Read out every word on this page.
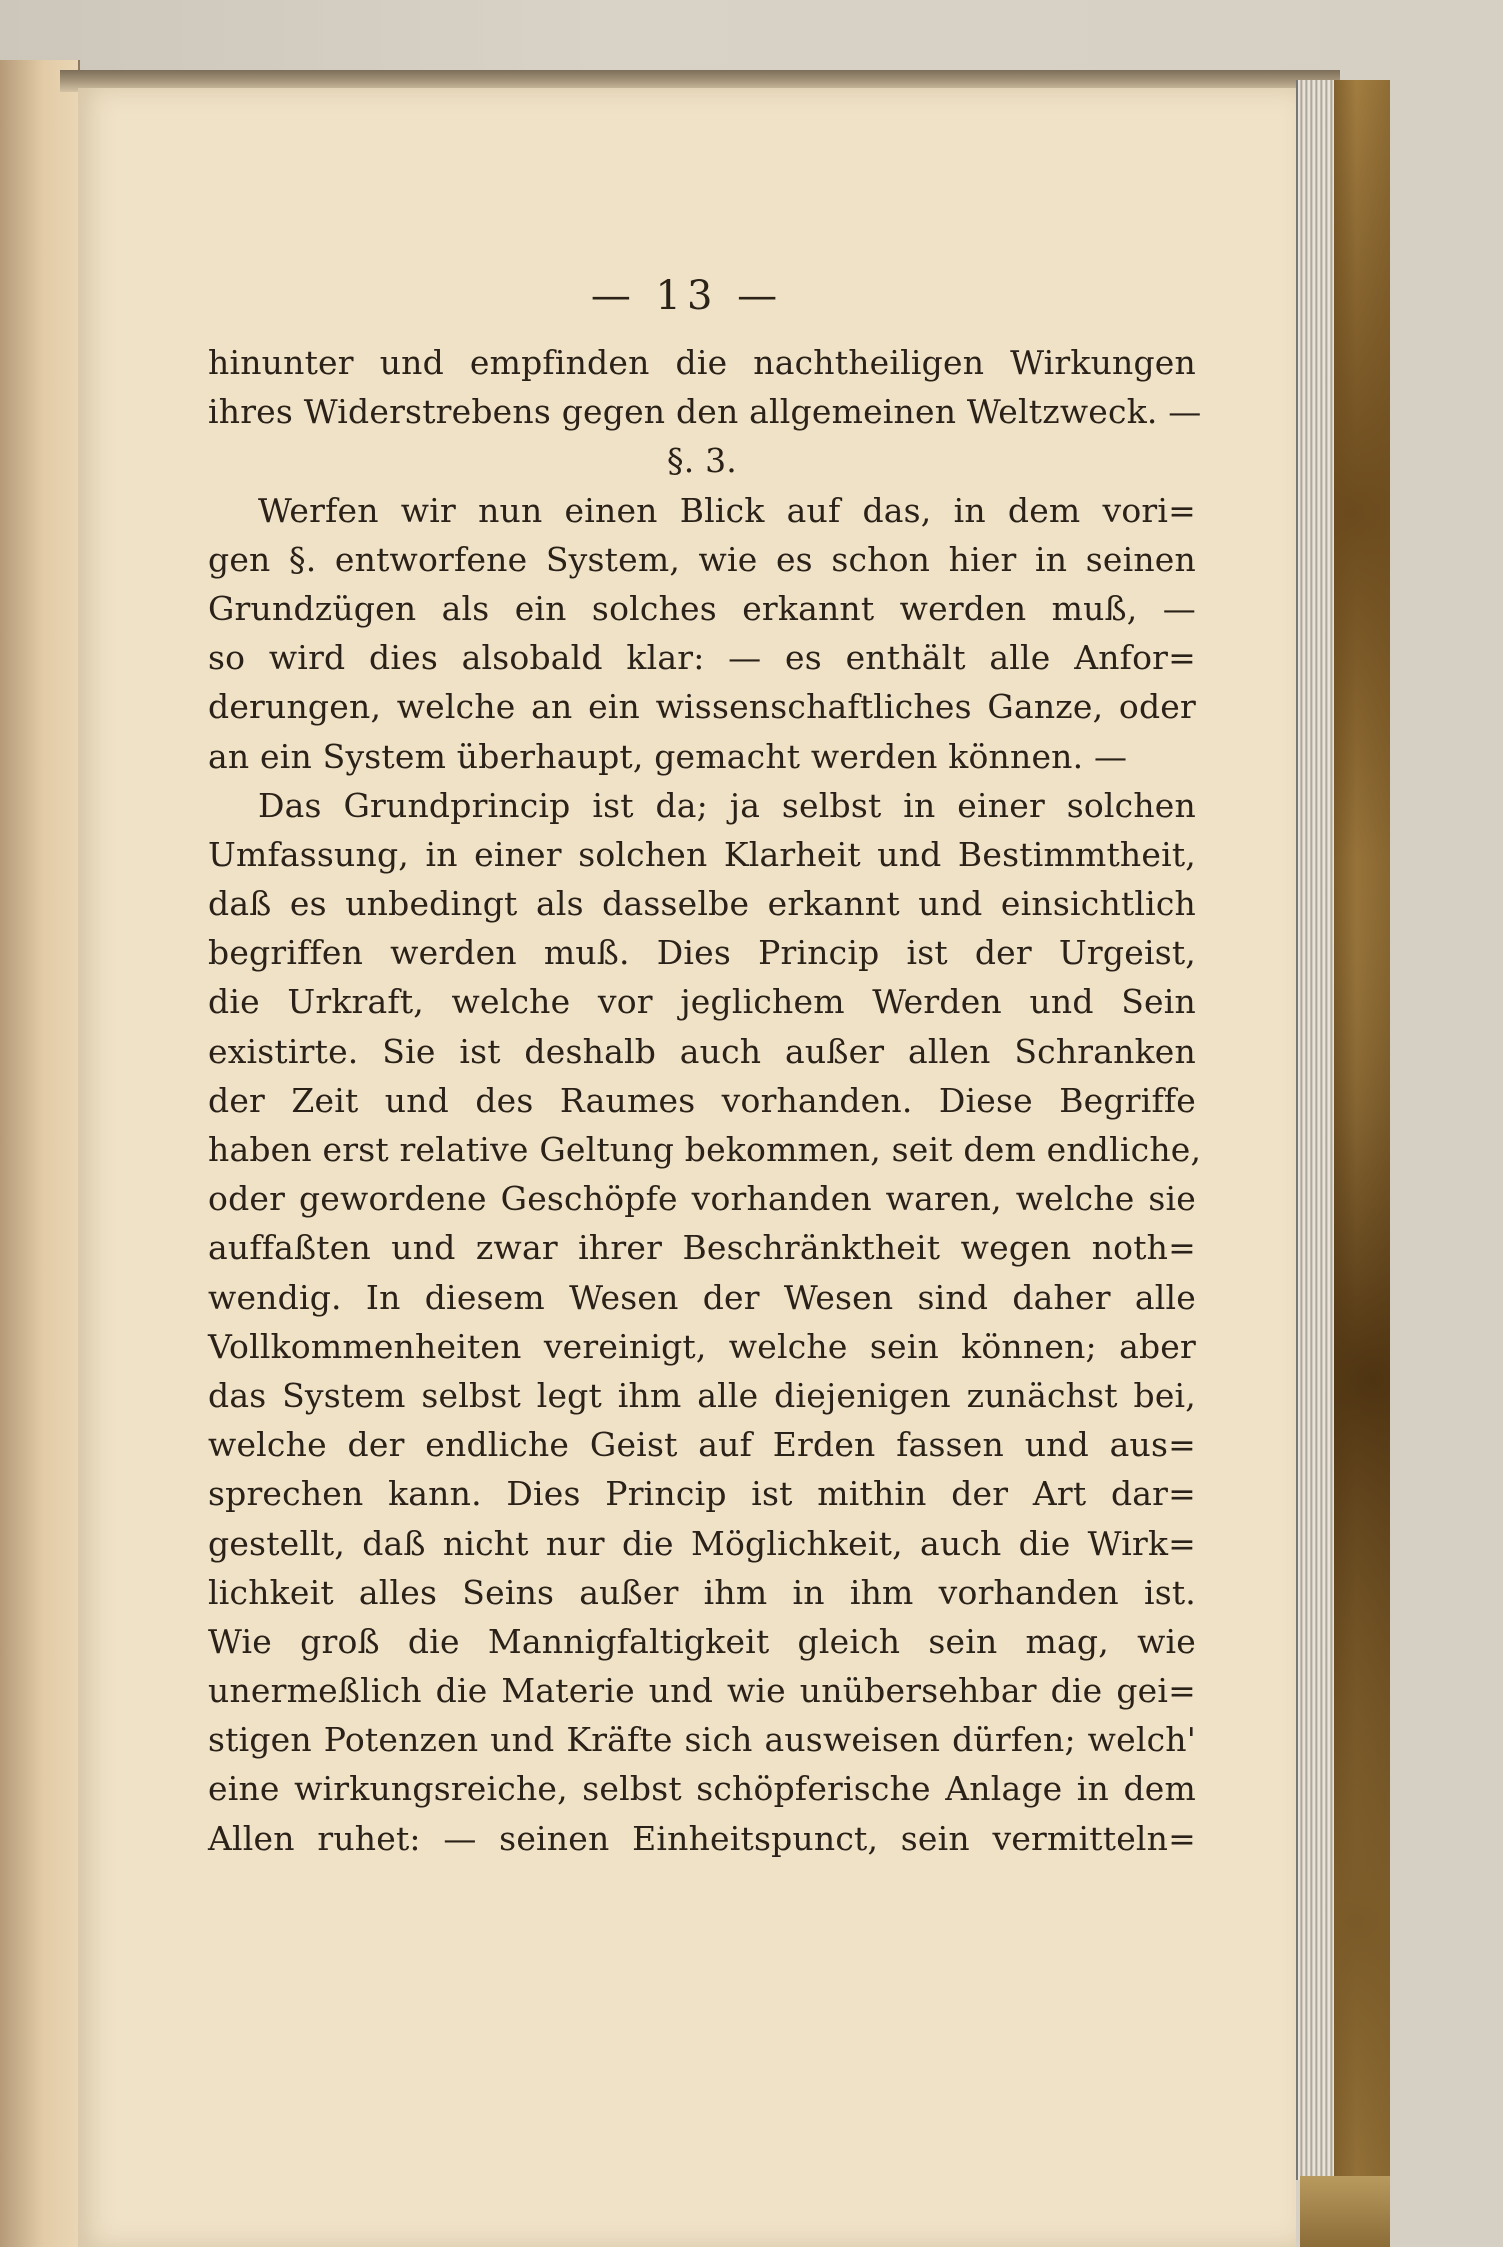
— 13 —
hinunter und empfinden die nachtheiligen Wirkungen
ihres Widerstrebens gegen den allgemeinen Weltzweck. —
§. 3.
Werfen wir nun einen Blick auf das, in dem vori=
gen §. entworfene System, wie es schon hier in seinen
Grundzügen als ein solches erkannt werden muß, —
so wird dies alsobald klar: — es enthält alle Anfor=
derungen, welche an ein wissenschaftliches Ganze, oder
an ein System überhaupt, gemacht werden können. —
Das Grundprincip ist da; ja selbst in einer solchen
Umfassung, in einer solchen Klarheit und Bestimmtheit,
daß es unbedingt als dasselbe erkannt und einsichtlich
begriffen werden muß. Dies Princip ist der Urgeist,
die Urkraft, welche vor jeglichem Werden und Sein
existirte. Sie ist deshalb auch außer allen Schranken
der Zeit und des Raumes vorhanden. Diese Begriffe
haben erst relative Geltung bekommen, seit dem endliche,
oder gewordene Geschöpfe vorhanden waren, welche sie
auffaßten und zwar ihrer Beschränktheit wegen noth=
wendig. In diesem Wesen der Wesen sind daher alle
Vollkommenheiten vereinigt, welche sein können; aber
das System selbst legt ihm alle diejenigen zunächst bei,
welche der endliche Geist auf Erden fassen und aus=
sprechen kann. Dies Princip ist mithin der Art dar=
gestellt, daß nicht nur die Möglichkeit, auch die Wirk=
lichkeit alles Seins außer ihm in ihm vorhanden ist.
Wie groß die Mannigfaltigkeit gleich sein mag, wie
unermeßlich die Materie und wie unübersehbar die gei=
stigen Potenzen und Kräfte sich ausweisen dürfen; welch'
eine wirkungsreiche, selbst schöpferische Anlage in dem
Allen ruhet: — seinen Einheitspunct, sein vermitteln=
